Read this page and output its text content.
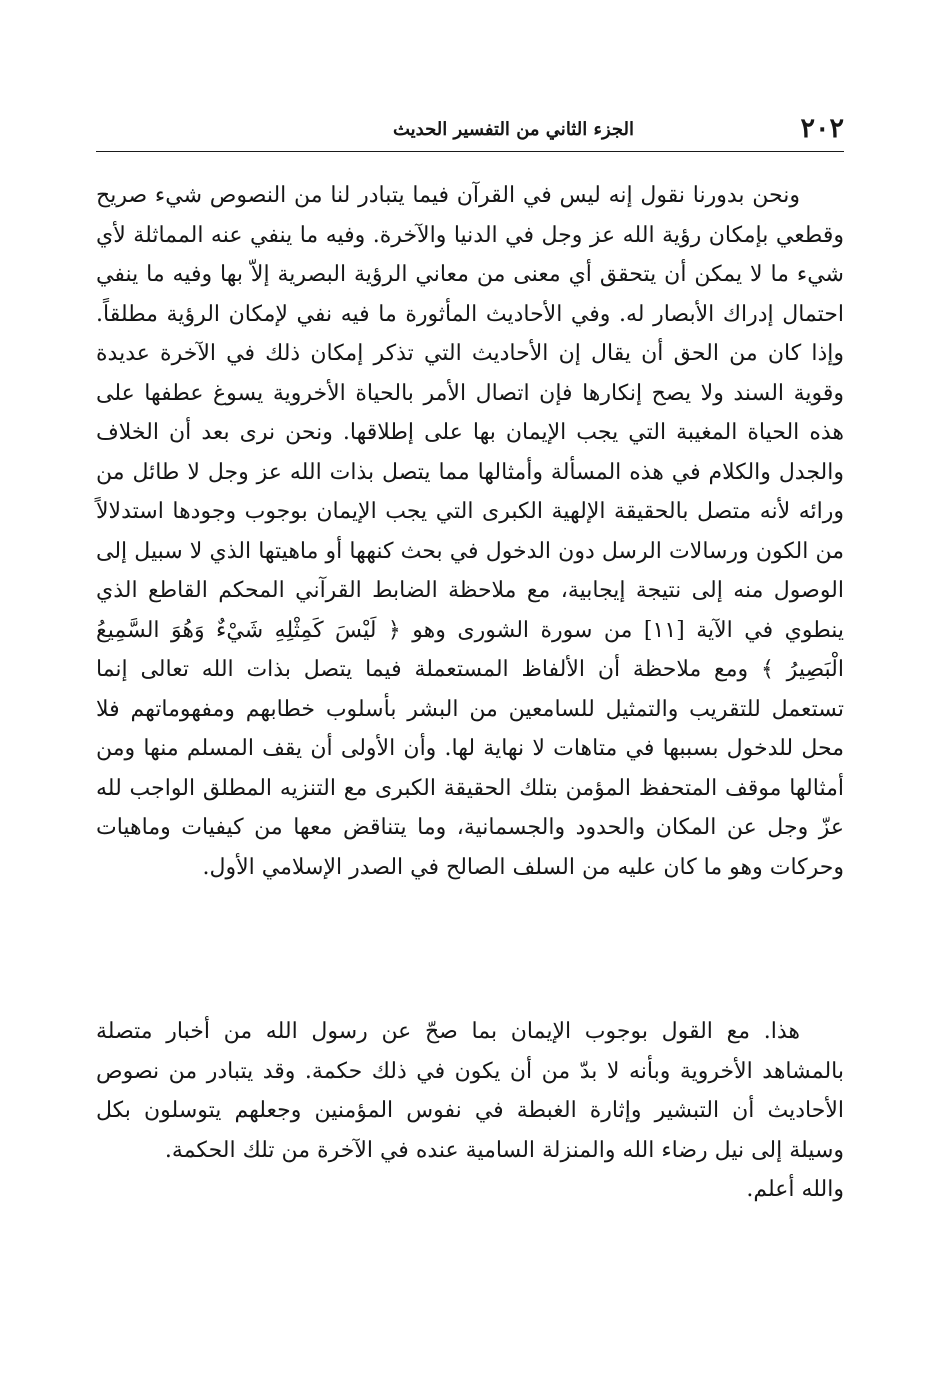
٢٠٢
الجزء الثاني من التفسير الحديث

ونحن بدورنا نقول إنه ليس في القرآن فيما يتبادر لنا من النصوص شيء صريح وقطعي بإمكان رؤية الله عز وجل في الدنيا والآخرة. وفيه ما ينفي عنه المماثلة لأي شيء ما لا يمكن أن يتحقق أي معنى من معاني الرؤية البصرية إلاّ بها وفيه ما ينفي احتمال إدراك الأبصار له. وفي الأحاديث المأثورة ما فيه نفي لإمكان الرؤية مطلقاً. وإذا كان من الحق أن يقال إن الأحاديث التي تذكر إمكان ذلك في الآخرة عديدة وقوية السند ولا يصح إنكارها فإن اتصال الأمر بالحياة الأخروية يسوغ عطفها على هذه الحياة المغيبة التي يجب الإيمان بها على إطلاقها. ونحن نرى بعد أن الخلاف والجدل والكلام في هذه المسألة وأمثالها مما يتصل بذات الله عز وجل لا طائل من ورائه لأنه متصل بالحقيقة الإلهية الكبرى التي يجب الإيمان بوجوب وجودها استدلالاً من الكون ورسالات الرسل دون الدخول في بحث كنهها أو ماهيتها الذي لا سبيل إلى الوصول منه إلى نتيجة إيجابية، مع ملاحظة الضابط القرآني المحكم القاطع الذي ينطوي في الآية [١١] من سورة الشورى وهو ﴿ لَيْسَ كَمِثْلِهِ شَيْءٌ وَهُوَ السَّمِيعُ الْبَصِيرُ ﴾ ومع ملاحظة أن الألفاظ المستعملة فيما يتصل بذات الله تعالى إنما تستعمل للتقريب والتمثيل للسامعين من البشر بأسلوب خطابهم ومفهوماتهم فلا محل للدخول بسببها في متاهات لا نهاية لها. وأن الأولى أن يقف المسلم منها ومن أمثالها موقف المتحفظ المؤمن بتلك الحقيقة الكبرى مع التنزيه المطلق الواجب لله عزّ وجل عن المكان والحدود والجسمانية، وما يتناقض معها من كيفيات وماهيات وحركات وهو ما كان عليه من السلف الصالح في الصدر الإسلامي الأول.

هذا. مع القول بوجوب الإيمان بما صحّ عن رسول الله من أخبار متصلة بالمشاهد الأخروية وبأنه لا بدّ من أن يكون في ذلك حكمة. وقد يتبادر من نصوص الأحاديث أن التبشير وإثارة الغبطة في نفوس المؤمنين وجعلهم يتوسلون بكل وسيلة إلى نيل رضاء الله والمنزلة السامية عنده في الآخرة من تلك الحكمة.

والله أعلم.
